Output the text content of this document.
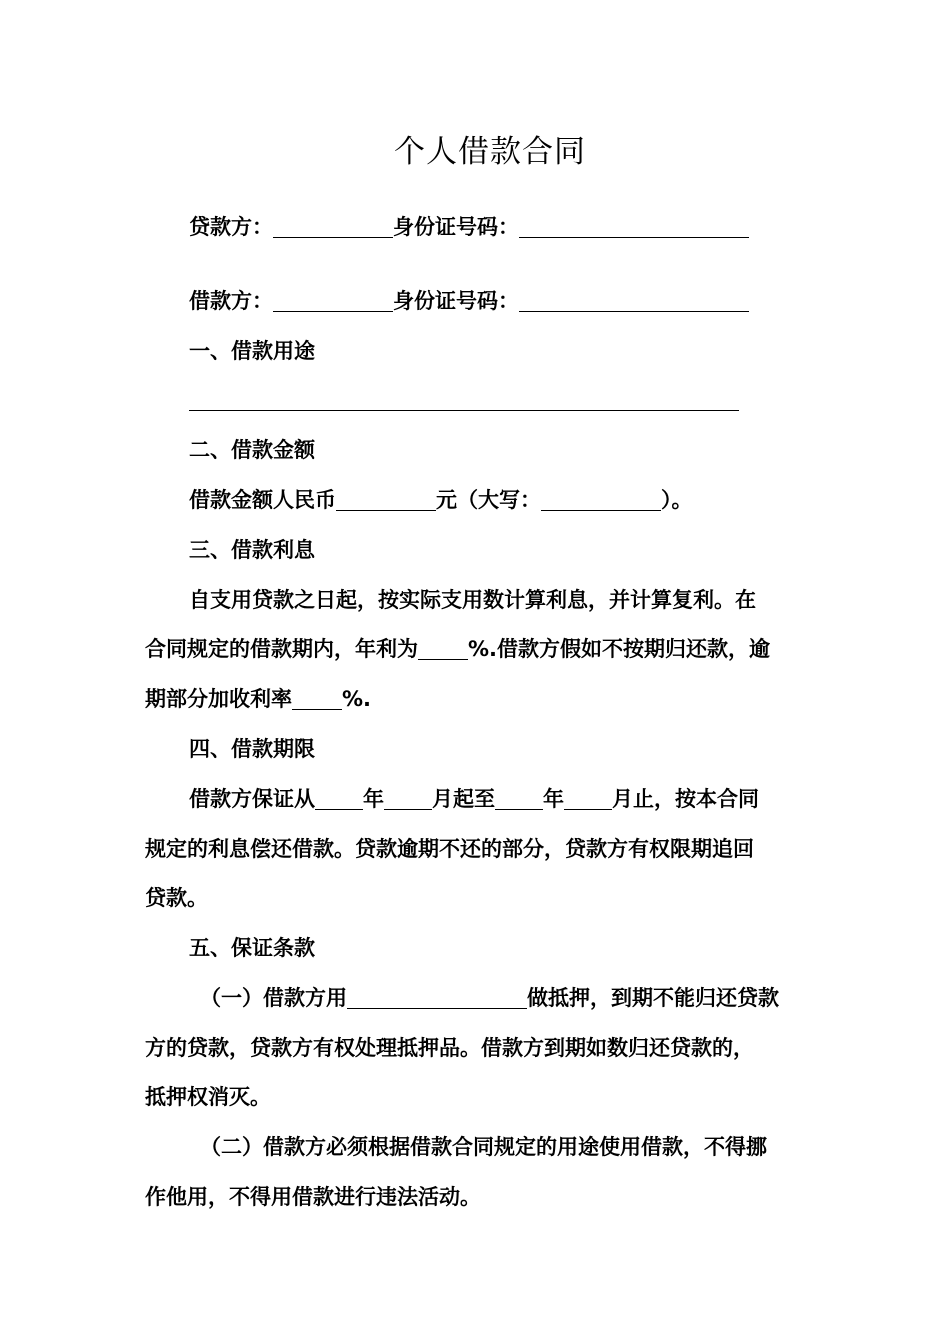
个人借款合同
贷款方：	身份证号码：
借款方：	身份证号码：
一、借款用途
二、借款金额
借款金额人民币	元（大写：	）。
三、借款利息
自支用贷款之日起，按实际支用数计算利息，并计算复利。在
合同规定的借款期内，年利为 %.借款方假如不按期归还款，逾
期部分加收利率 %.
四、借款期限
借款方保证从 年 月起至 年 月止，按本合同
规定的利息偿还借款。贷款逾期不还的部分，贷款方有权限期追回
贷款。
五、保证条款
（一）借款方用	做抵押，到期不能归还贷款
方的贷款，贷款方有权处理抵押品。借款方到期如数归还贷款的，
抵押权消灭。
（二）借款方必须根据借款合同规定的用途使用借款，不得挪
作他用，不得用借款进行违法活动。
